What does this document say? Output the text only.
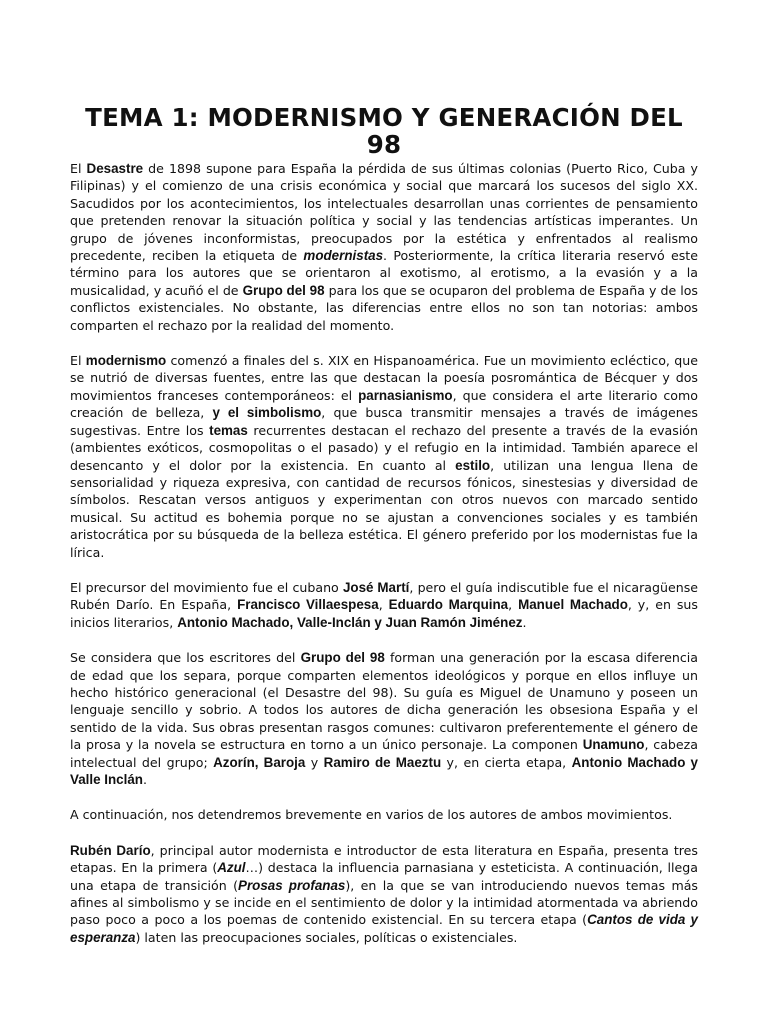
TEMA 1: MODERNISMO Y GENERACIÓN DEL 98

El Desastre de 1898 supone para España la pérdida de sus últimas colonias (Puerto Rico, Cuba y Filipinas) y el comienzo de una crisis económica y social que marcará los sucesos del siglo XX. Sacudidos por los acontecimientos, los intelectuales desarrollan unas corrientes de pensamiento que pretenden renovar la situación política y social y las tendencias artísticas imperantes. Un grupo de jóvenes inconformistas, preocupados por la estética y enfrentados al realismo precedente, reciben la etiqueta de modernistas. Posteriormente, la crítica literaria reservó este término para los autores que se orientaron al exotismo, al erotismo, a la evasión y a la musicalidad, y acuñó el de Grupo del 98 para los que se ocuparon del problema de España y de los conflictos existenciales. No obstante, las diferencias entre ellos no son tan notorias: ambos comparten el rechazo por la realidad del momento.

El modernismo comenzó a finales del s. XIX en Hispanoamérica. Fue un movimiento ecléctico, que se nutrió de diversas fuentes, entre las que destacan la poesía posromántica de Bécquer y dos movimientos franceses contemporáneos: el parnasianismo, que considera el arte literario como creación de belleza, y el simbolismo, que busca transmitir mensajes a través de imágenes sugestivas. Entre los temas recurrentes destacan el rechazo del presente a través de la evasión (ambientes exóticos, cosmopolitas o el pasado) y el refugio en la intimidad. También aparece el desencanto y el dolor por la existencia. En cuanto al estilo, utilizan una lengua llena de sensorialidad y riqueza expresiva, con cantidad de recursos fónicos, sinestesias y diversidad de símbolos. Rescatan versos antiguos y experimentan con otros nuevos con marcado sentido musical. Su actitud es bohemia porque no se ajustan a convenciones sociales y es también aristocrática por su búsqueda de la belleza estética. El género preferido por los modernistas fue la lírica.

El precursor del movimiento fue el cubano José Martí, pero el guía indiscutible fue el nicaragüense Rubén Darío. En España, Francisco Villaespesa, Eduardo Marquina, Manuel Machado, y, en sus inicios literarios, Antonio Machado, Valle-Inclán y Juan Ramón Jiménez.

Se considera que los escritores del Grupo del 98 forman una generación por la escasa diferencia de edad que los separa, porque comparten elementos ideológicos y porque en ellos influye un hecho histórico generacional (el Desastre del 98). Su guía es Miguel de Unamuno y poseen un lenguaje sencillo y sobrio. A todos los autores de dicha generación les obsesiona España y el sentido de la vida. Sus obras presentan rasgos comunes: cultivaron preferentemente el género de la prosa y la novela se estructura en torno a un único personaje. La componen Unamuno, cabeza intelectual del grupo; Azorín, Baroja y Ramiro de Maeztu y, en cierta etapa, Antonio Machado y Valle Inclán.

A continuación, nos detendremos brevemente en varios de los autores de ambos movimientos.

Rubén Darío, principal autor modernista e introductor de esta literatura en España, presenta tres etapas. En la primera (Azul…) destaca la influencia parnasiana y esteticista. A continuación, llega una etapa de transición (Prosas profanas), en la que se van introduciendo nuevos temas más afines al simbolismo y se incide en el sentimiento de dolor y la intimidad atormentada va abriendo paso poco a poco a los poemas de contenido existencial. En su tercera etapa (Cantos de vida y esperanza) laten las preocupaciones sociales, políticas o existenciales.
